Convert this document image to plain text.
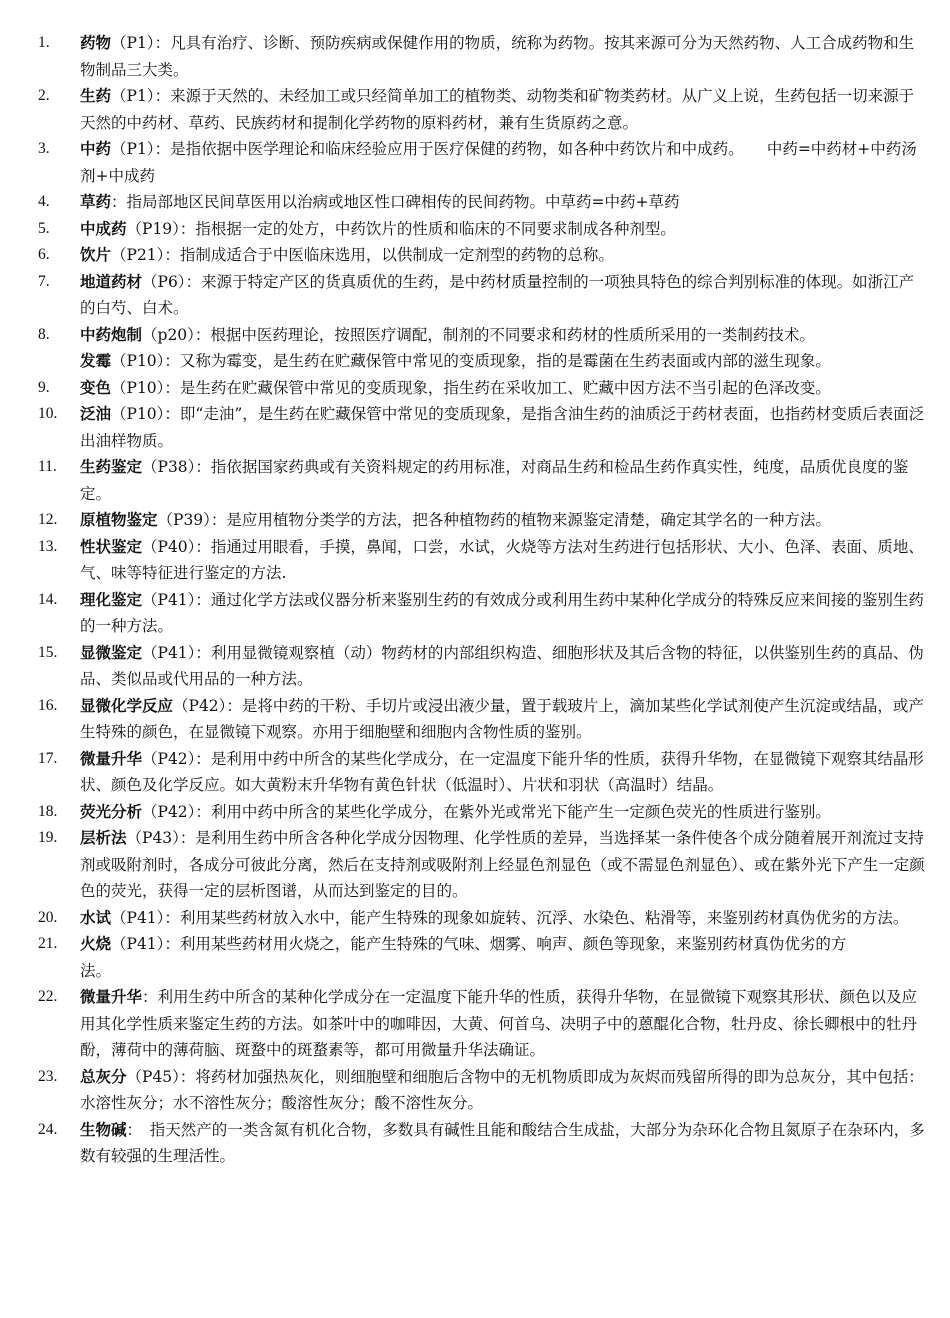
1.	药物（P1）：凡具有治疗、诊断、预防疾病或保健作用的物质，统称为药物。按其来源可分为天然药物、人工合成药物和生物制品三大类。

2.	生药（P1）：来源于天然的、未经加工或只经简单加工的植物类、动物类和矿物类药材。从广义上说，生药包括一切来源于天然的中药材、草药、民族药材和提制化学药物的原料药材，兼有生货原药之意。

3.	中药（P1）：是指依据中医学理论和临床经验应用于医疗保健的药物，如各种中药饮片和中成药。　　中药=中药材+中药汤剂+中成药

4.	草药：指局部地区民间草医用以治病或地区性口碑相传的民间药物。中草药=中药+草药

5.	中成药（P19）：指根据一定的处方，中药饮片的性质和临床的不同要求制成各种剂型。

6.	饮片（P21）：指制成适合于中医临床选用，以供制成一定剂型的药物的总称。

7.	地道药材（P6）：来源于特定产区的货真质优的生药，是中药材质量控制的一项独具特色的综合判别标准的体现。如浙江产的白芍、白术。

8.	中药炮制（p20）：根据中医药理论，按照医疗调配，制剂的不同要求和药材的性质所采用的一类制药技术。

发霉（P10）：又称为霉变，是生药在贮藏保管中常见的变质现象，指的是霉菌在生药表面或内部的滋生现象。

9.	变色（P10）：是生药在贮藏保管中常见的变质现象，指生药在采收加工、贮藏中因方法不当引起的色泽改变。

10.	泛油（P10）：即“走油”，是生药在贮藏保管中常见的变质现象，是指含油生药的油质泛于药材表面，也指药材变质后表面泛出油样物质。

11.	生药鉴定（P38）：指依据国家药典或有关资料规定的药用标准，对商品生药和检品生药作真实性，纯度，品质优良度的鉴定。

12.	原植物鉴定（P39）：是应用植物分类学的方法，把各种植物药的植物来源鉴定清楚，确定其学名的一种方法。

13.	性状鉴定（P40）：指通过用眼看，手摸，鼻闻，口尝，水试，火烧等方法对生药进行包括形状、大小、色泽、表面、质地、气、味等特征进行鉴定的方法.

14.	理化鉴定（P41）：通过化学方法或仪器分析来鉴别生药的有效成分或利用生药中某种化学成分的特殊反应来间接的鉴别生药的一种方法。

15.	显微鉴定（P41）：利用显微镜观察植（动）物药材的内部组织构造、细胞形状及其后含物的特征，以供鉴别生药的真品、伪品、类似品或代用品的一种方法。

16.	显微化学反应（P42）：是将中药的干粉、手切片或浸出液少量，置于载玻片上，滴加某些化学试剂使产生沉淀或结晶，或产生特殊的颜色，在显微镜下观察。亦用于细胞壁和细胞内含物性质的鉴别。

17.	微量升华（P42）：是利用中药中所含的某些化学成分，在一定温度下能升华的性质，获得升华物，在显微镜下观察其结晶形状、颜色及化学反应。如大黄粉末升华物有黄色针状（低温时）、片状和羽状（高温时）结晶。

18.	荧光分析（P42）：利用中药中所含的某些化学成分，在紫外光或常光下能产生一定颜色荧光的性质进行鉴别。

19.	层析法（P43）：是利用生药中所含各种化学成分因物理、化学性质的差异，当选择某一条件使各个成分随着展开剂流过支持剂或吸附剂时，各成分可彼此分离，然后在支持剂或吸附剂上经显色剂显色（或不需显色剂显色）、或在紫外光下产生一定颜色的荧光，获得一定的层析图谱，从而达到鉴定的目的。

20.	水试（P41）：利用某些药材放入水中，能产生特殊的现象如旋转、沉浮、水染色、粘滑等，来鉴别药材真伪优劣的方法。

21.	火烧（P41）：利用某些药材用火烧之，能产生特殊的气味、烟雾、响声、颜色等现象，来鉴别药材真伪优劣的方法。

22.	微量升华：利用生药中所含的某种化学成分在一定温度下能升华的性质，获得升华物，在显微镜下观察其形状、颜色以及应用其化学性质来鉴定生药的方法。如茶叶中的咖啡因，大黄、何首乌、决明子中的蒽醌化合物，牡丹皮、徐长卿根中的牡丹酚，薄荷中的薄荷脑、斑蝥中的斑蝥素等，都可用微量升华法确证。

23.	总灰分（P45）：将药材加强热灰化，则细胞壁和细胞后含物中的无机物质即成为灰烬而残留所得的即为总灰分，其中包括：水溶性灰分；水不溶性灰分；酸溶性灰分；酸不溶性灰分。

24.	生物碱：　指天然产的一类含氮有机化合物，多数具有碱性且能和酸结合生成盐，大部分为杂环化合物且氮原子在杂环内，多数有较强的生理活性。
